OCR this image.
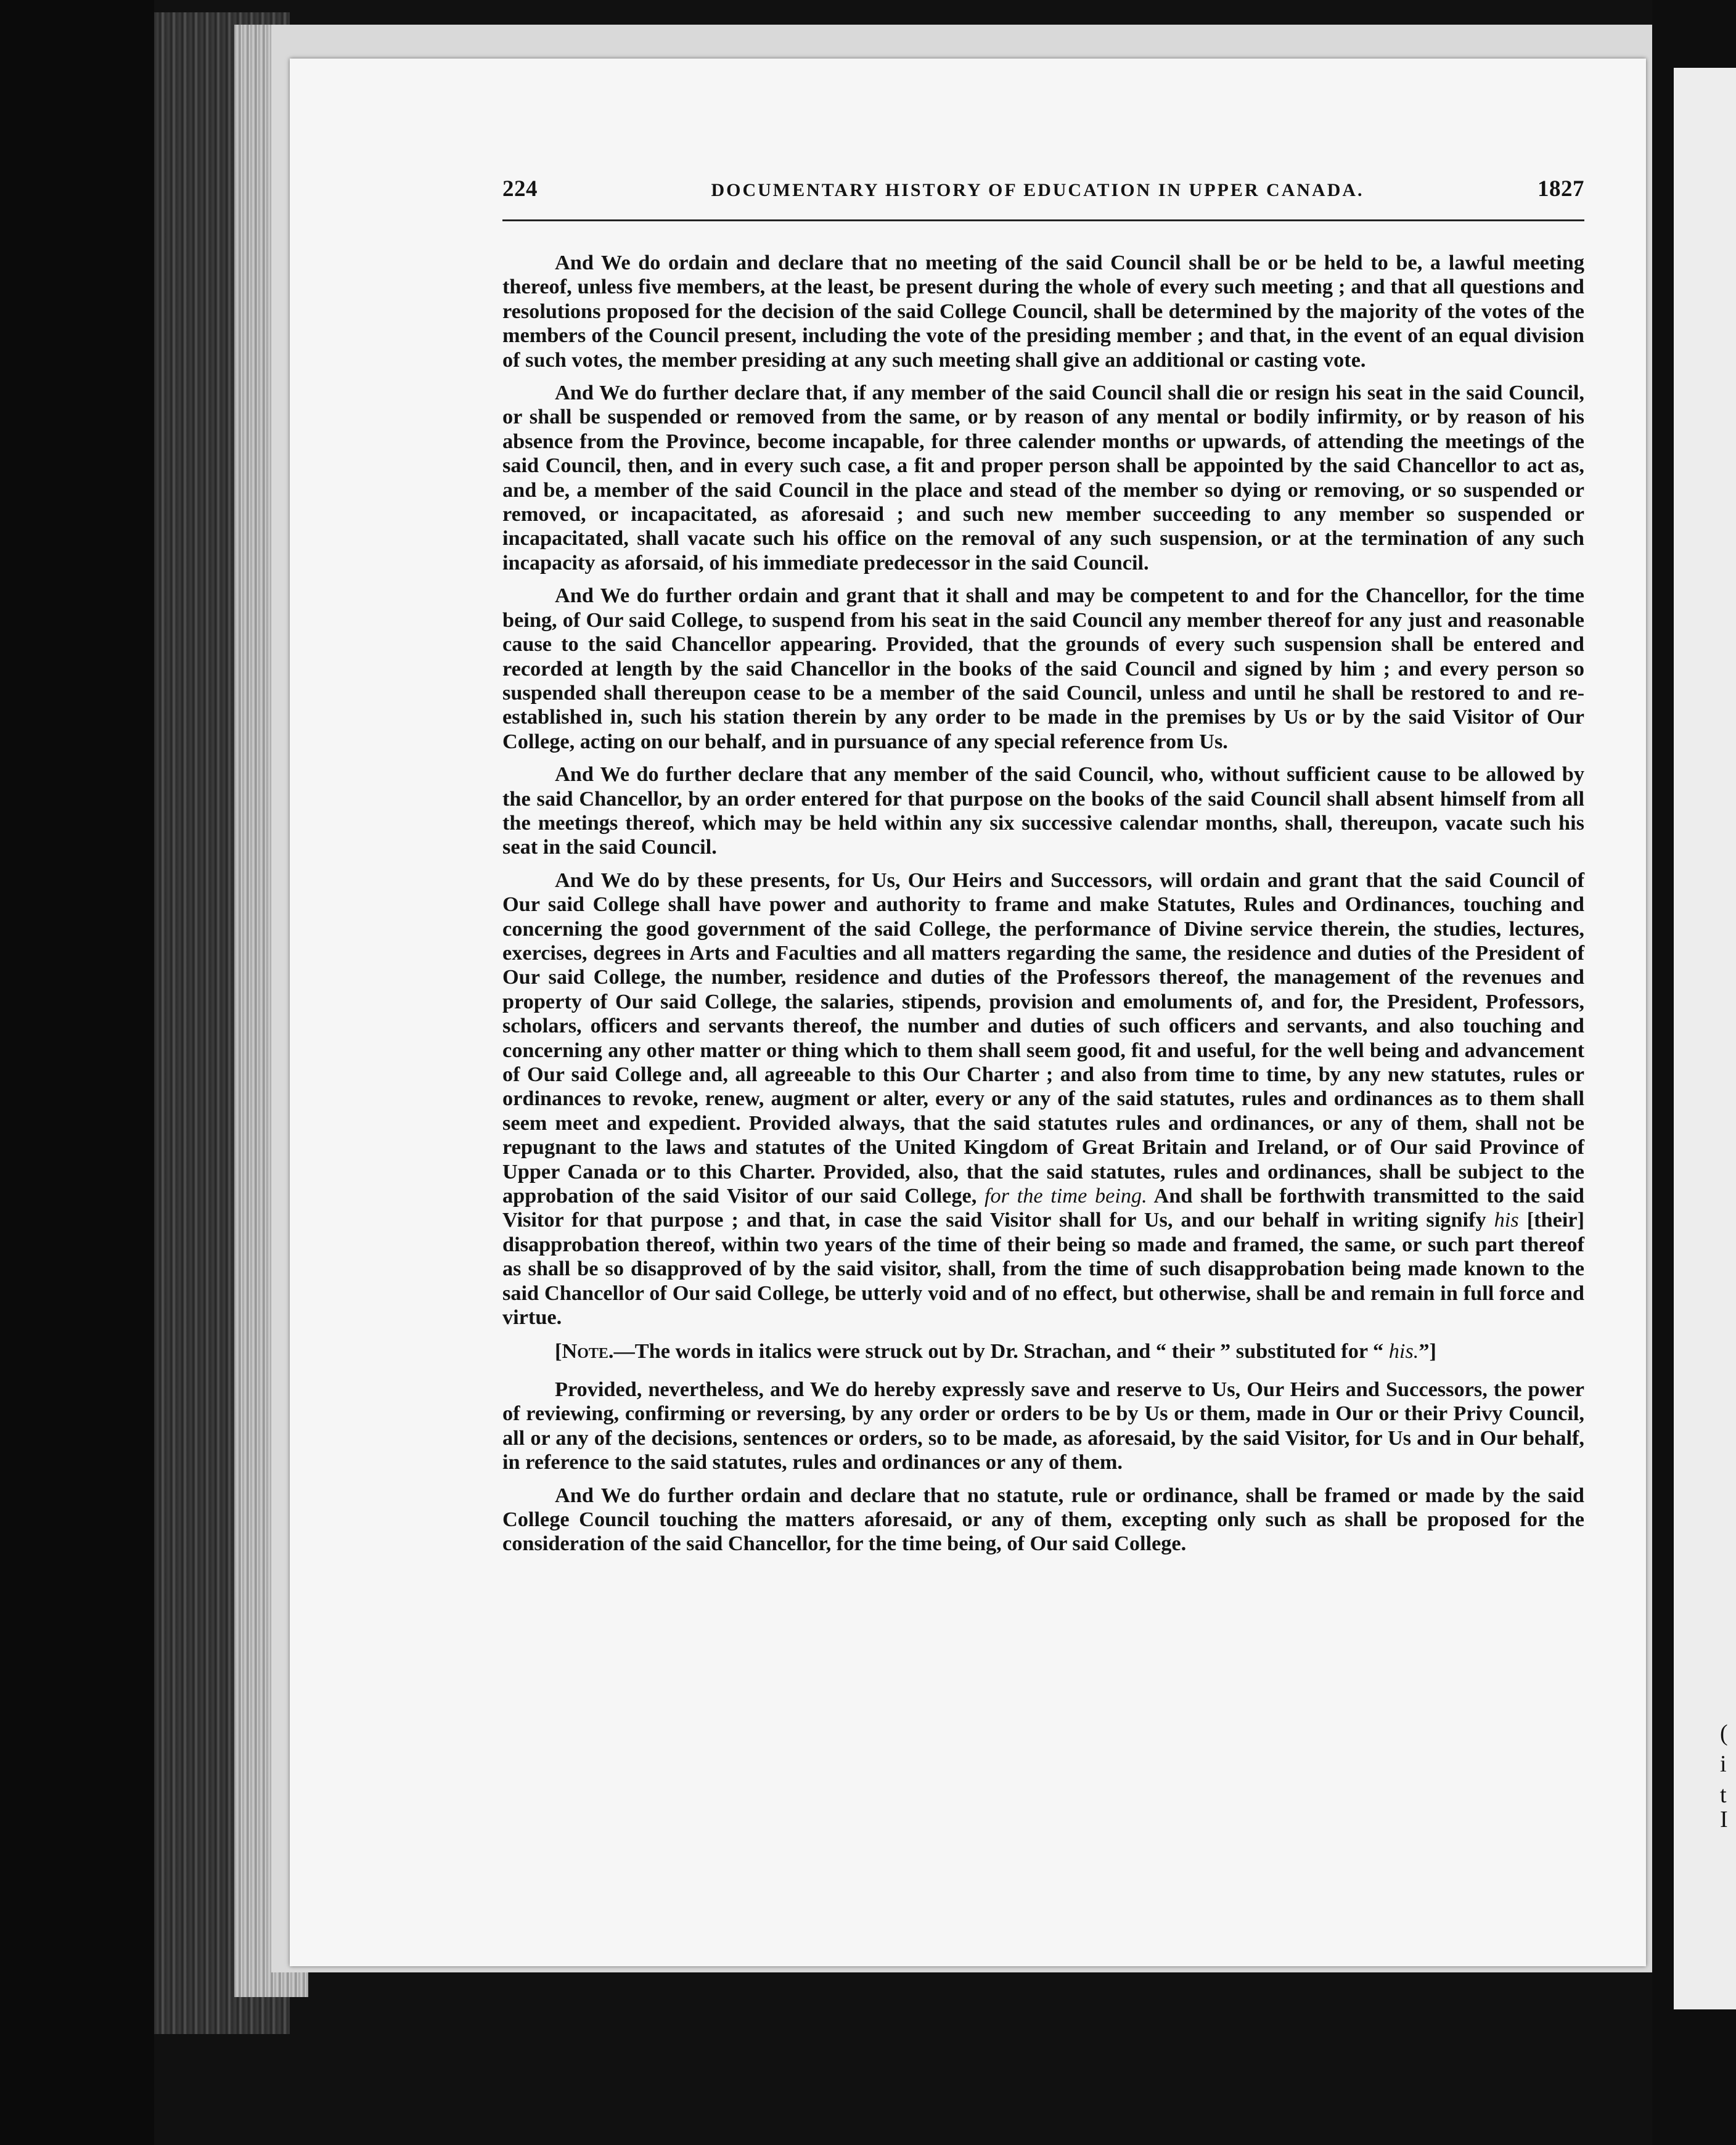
(
i
t
I
224	DOCUMENTARY HISTORY OF EDUCATION IN UPPER CANADA.	1827

And We do ordain and declare that no meeting of the said Council shall be or be held to be, a lawful meeting thereof, unless five members, at the least, be present during the whole of every such meeting ; and that all questions and resolutions proposed for the decision of the said College Council, shall be determined by the majority of the votes of the members of the Council present, including the vote of the presiding member ; and that, in the event of an equal division of such votes, the member presiding at any such meeting shall give an additional or casting vote.

And We do further declare that, if any member of the said Council shall die or resign his seat in the said Council, or shall be suspended or removed from the same, or by reason of any mental or bodily infirmity, or by reason of his absence from the Province, become incapable, for three calender months or upwards, of attending the meetings of the said Council, then, and in every such case, a fit and proper person shall be appointed by the said Chancellor to act as, and be, a member of the said Council in the place and stead of the member so dying or removing, or so suspended or removed, or incapacitated, as aforesaid ; and such new member succeeding to any member so suspended or incapacitated, shall vacate such his office on the removal of any such suspension, or at the termination of any such incapacity as aforsaid, of his immediate predecessor in the said Council.

And We do further ordain and grant that it shall and may be competent to and for the Chancellor, for the time being, of Our said College, to suspend from his seat in the said Council any member thereof for any just and reasonable cause to the said Chancellor appearing. Provided, that the grounds of every such suspension shall be entered and recorded at length by the said Chancellor in the books of the said Council and signed by him ; and every person so suspended shall thereupon cease to be a member of the said Council, unless and until he shall be restored to and re-established in, such his station therein by any order to be made in the premises by Us or by the said Visitor of Our College, acting on our behalf, and in pursuance of any special reference from Us.

And We do further declare that any member of the said Council, who, without sufficient cause to be allowed by the said Chancellor, by an order entered for that purpose on the books of the said Council shall absent himself from all the meetings thereof, which may be held within any six successive calendar months, shall, thereupon, vacate such his seat in the said Council.

And We do by these presents, for Us, Our Heirs and Successors, will ordain and grant that the said Council of Our said College shall have power and authority to frame and make Statutes, Rules and Ordinances, touching and concerning the good government of the said College, the performance of Divine service therein, the studies, lectures, exercises, degrees in Arts and Faculties and all matters regarding the same, the residence and duties of the President of Our said College, the number, residence and duties of the Professors thereof, the management of the revenues and property of Our said College, the salaries, stipends, provision and emoluments of, and for, the President, Professors, scholars, officers and servants thereof, the number and duties of such officers and servants, and also touching and concerning any other matter or thing which to them shall seem good, fit and useful, for the well being and advancement of Our said College and, all agreeable to this Our Charter ; and also from time to time, by any new statutes, rules or ordinances to revoke, renew, augment or alter, every or any of the said statutes, rules and ordinances as to them shall seem meet and expedient. Provided always, that the said statutes rules and ordinances, or any of them, shall not be repugnant to the laws and statutes of the United Kingdom of Great Britain and Ireland, or of Our said Province of Upper Canada or to this Charter. Provided, also, that the said statutes, rules and ordinances, shall be subject to the approbation of the said Visitor of our said College, for the time being. And shall be forthwith transmitted to the said Visitor for that purpose ; and that, in case the said Visitor shall for Us, and our behalf in writing signify his [their] disapprobation thereof, within two years of the time of their being so made and framed, the same, or such part thereof as shall be so disapproved of by the said visitor, shall, from the time of such disapprobation being made known to the said Chancellor of Our said College, be utterly void and of no effect, but otherwise, shall be and remain in full force and virtue.

[Note.—The words in italics were struck out by Dr. Strachan, and “ their ” substituted for “ his.”]

Provided, nevertheless, and We do hereby expressly save and reserve to Us, Our Heirs and Successors, the power of reviewing, confirming or reversing, by any order or orders to be by Us or them, made in Our or their Privy Council, all or any of the decisions, sentences or orders, so to be made, as aforesaid, by the said Visitor, for Us and in Our behalf, in reference to the said statutes, rules and ordinances or any of them.

And We do further ordain and declare that no statute, rule or ordinance, shall be framed or made by the said College Council touching the matters aforesaid, or any of them, excepting only such as shall be proposed for the consideration of the said Chancellor, for the time being, of Our said College.
